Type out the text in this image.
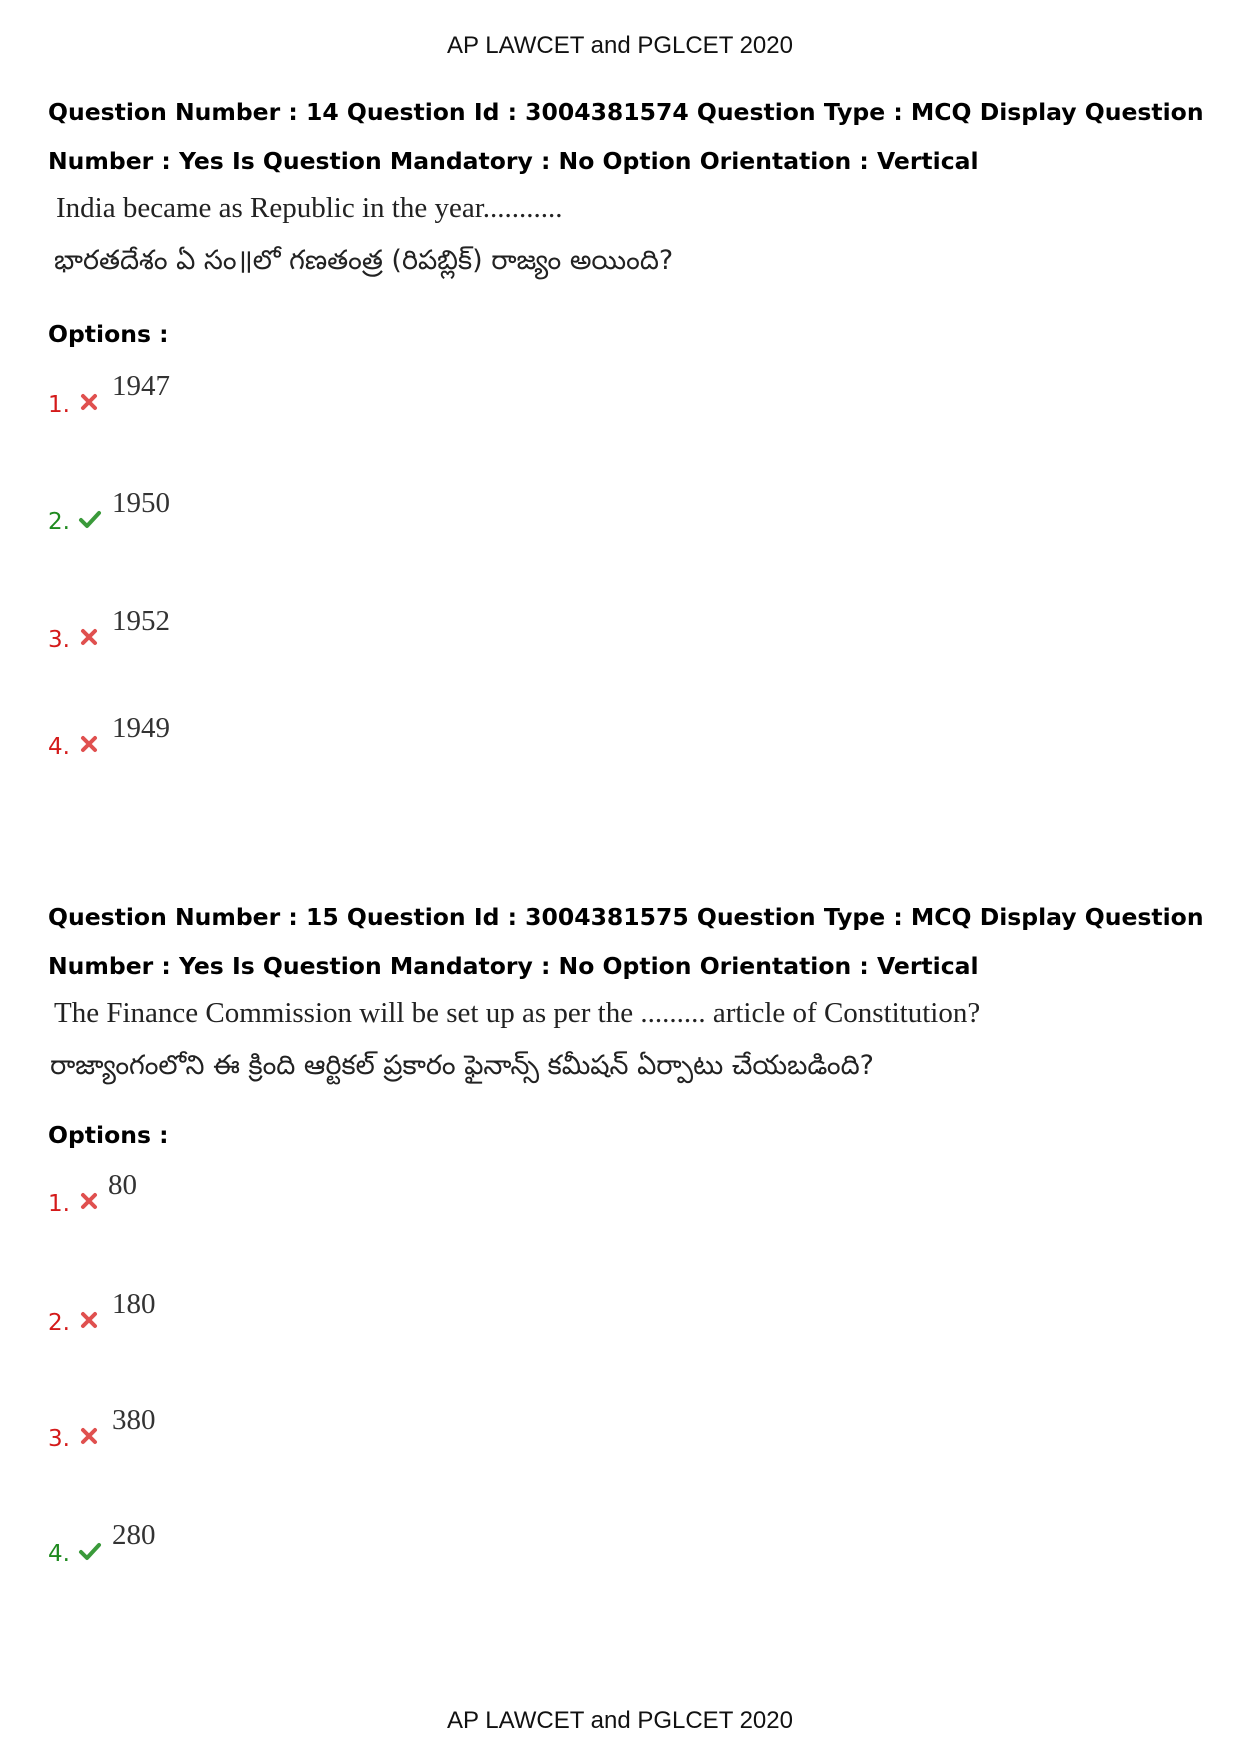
AP LAWCET and PGLCET 2020

Question Number : 14 Question Id : 3004381574 Question Type : MCQ Display Question

Number : Yes Is Question Mandatory : No Option Orientation : Vertical

India became as Republic in the year...........
భారతదేశం ఏ సం॥లో గణతంత్ర (రిపబ్లిక్) రాజ్యం అయింది?

Options :

1.
1947
2.
1950
3.
1952
4.
1949

Question Number : 15 Question Id : 3004381575 Question Type : MCQ Display Question

Number : Yes Is Question Mandatory : No Option Orientation : Vertical

The Finance Commission will be set up as per the ......... article of Constitution?
రాజ్యాంగంలోని ఈ క్రింది ఆర్టికల్ ప్రకారం ఫైనాన్స్ కమీషన్ ఏర్పాటు చేయబడింది?

Options :

1.
80
2.
180
3.
380
4.
280
AP LAWCET and PGLCET 2020
